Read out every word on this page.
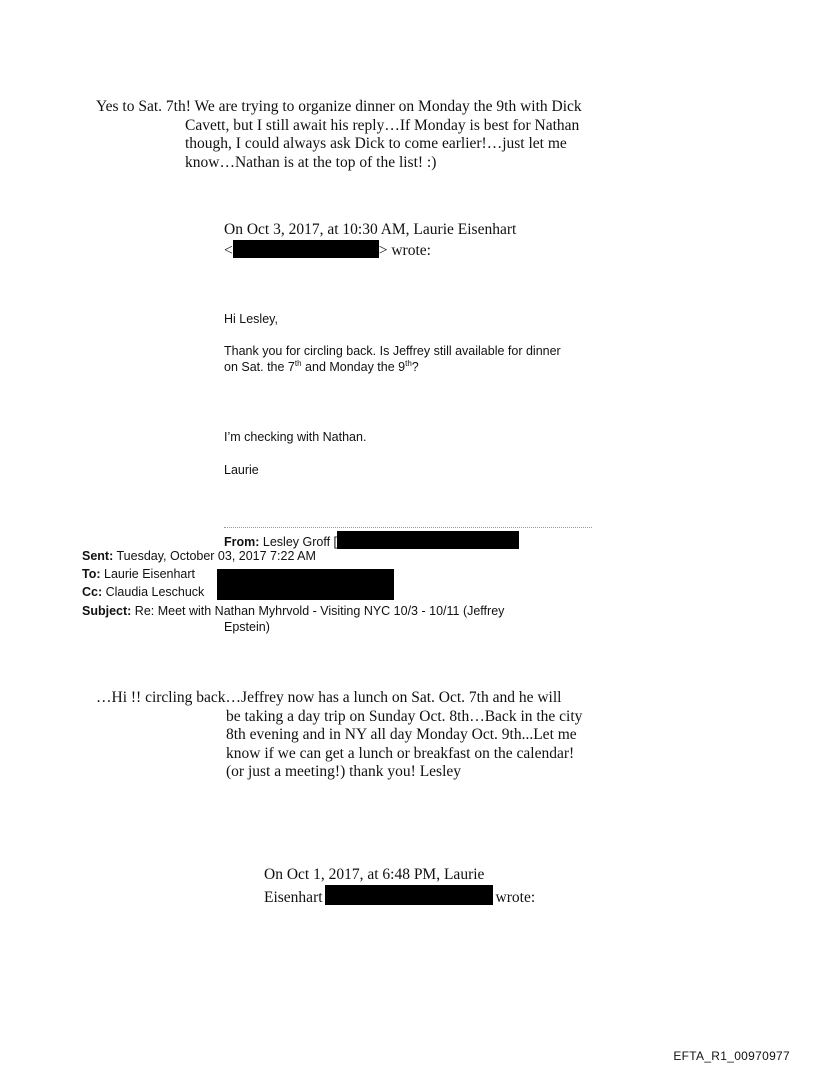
Yes to Sat. 7th! We are trying to organize dinner on Monday the 9th with Dick
Cavett, but I still await his reply…If Monday is best for Nathan
though, I could always ask Dick to come earlier!…just let me
know…Nathan is at the top of the list! :)
On Oct 3, 2017, at 10:30 AM, Laurie Eisenhart
<	> wrote:
Hi Lesley,
Thank you for circling back. Is Jeffrey still available for dinner
on Sat. the 7th and Monday the 9th?
I’m checking with Nathan.
Laurie
From: Lesley Groff [
Sent: Tuesday, October 03, 2017 7:22 AM
To: Laurie Eisenhart
Cc: Claudia Leschuck
Subject: Re: Meet with Nathan Myhrvold - Visiting NYC 10/3 - 10/11 (Jeffrey
Epstein)
…Hi !! circling back…Jeffrey now has a lunch on Sat. Oct. 7th and he will
be taking a day trip on Sunday Oct. 8th…Back in the city
8th evening and in NY all day Monday Oct. 9th...Let me
know if we can get a lunch or breakfast on the calendar!
(or just a meeting!) thank you! Lesley
On Oct 1, 2017, at 6:48 PM, Laurie
Eisenhart	wrote:
EFTA_R1_00970977
